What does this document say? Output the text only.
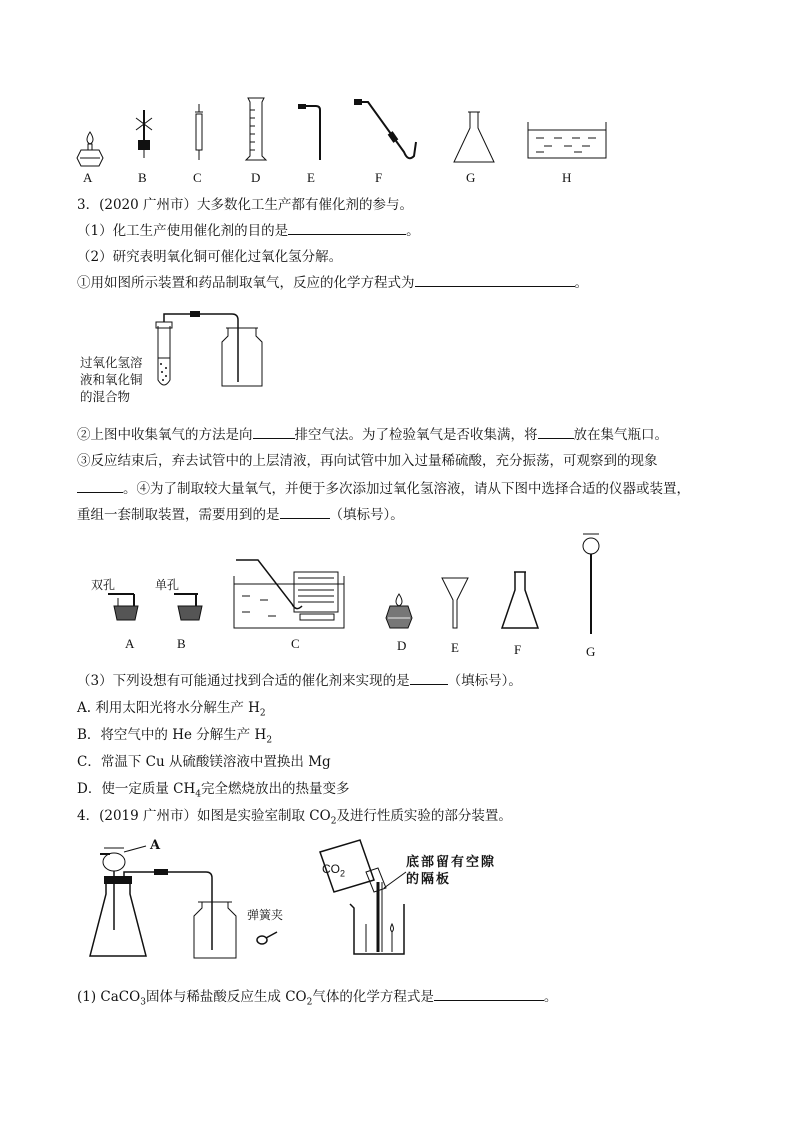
A	B	C	D	E	F	G	H
3．(2020 广州市）大多数化工生产都有催化剂的参与。
（1）化工生产使用催化剂的目的是	。
（2）研究表明氧化铜可催化过氧化氢分解。
①用如图所示装置和药品制取氧气，反应的化学方程式为	。
过氧化氢溶
液和氧化铜
的混合物
②上图中收集氧气的方法是向	排空气法。为了检验氧气是否收集满，将	放在集气瓶口。
③反应结束后，弃去试管中的上层清液，再向试管中加入过量稀硫酸，充分振荡，可观察到的现象
。④为了制取较大量氧气，并便于多次添加过氧化氢溶液，请从下图中选择合适的仪器或装置，
重组一套制取装置，需要用到的是	（填标号）。
双孔	单孔
A	B	C	D	E	F	G
（3）下列设想有可能通过找到合适的催化剂来实现的是	（填标号）。
A. 利用太阳光将水分解生产 $H_2$
B．将空气中的 He 分解生产 $H_2$
C．常温下 Cu 从硫酸镁溶液中置换出 Mg
D．使一定质量 $CH_4$完全燃烧放出的热量变多
4．(2019 广州市）如图是实验室制取 $CO_2$及进行性质实验的部分装置。
A
弹簧夹
$CO_2$
底部留有空隙
的隔板
(1) CaCO$_3$固体与稀盐酸反应生成 $CO_2$气体的化学方程式是	。
